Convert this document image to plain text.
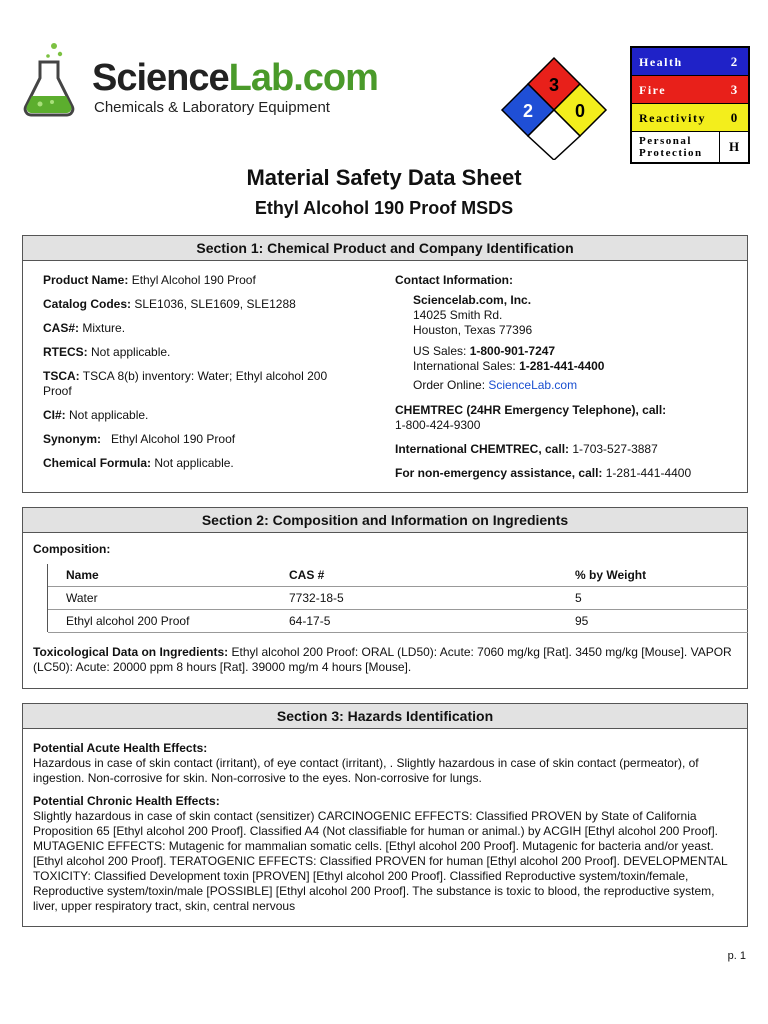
ScienceLab.com
Chemicals & Laboratory Equipment
3
2 0
Health	2
Fire	3
Reactivity	0
Personal Protection	H
Material Safety Data Sheet
Ethyl Alcohol 190 Proof MSDS
Section 1: Chemical Product and Company Identification
Product Name: Ethyl Alcohol 190 Proof
Catalog Codes: SLE1036, SLE1609, SLE1288
CAS#: Mixture.
RTECS: Not applicable.
TSCA: TSCA 8(b) inventory: Water; Ethyl alcohol 200 Proof
CI#: Not applicable.
Synonym:   Ethyl Alcohol 190 Proof
Chemical Formula: Not applicable.
Contact Information:
Sciencelab.com, Inc.
14025 Smith Rd.
Houston, Texas 77396
US Sales: 1-800-901-7247
International Sales: 1-281-441-4400
Order Online: ScienceLab.com
CHEMTREC (24HR Emergency Telephone), call:
1-800-424-9300
International CHEMTREC, call: 1-703-527-3887
For non-emergency assistance, call: 1-281-441-4400
Section 2: Composition and Information on Ingredients
Composition:
Name	CAS #	% by Weight
Water	7732-18-5	5
Ethyl alcohol 200 Proof	64-17-5	95
Toxicological Data on Ingredients: Ethyl alcohol 200 Proof: ORAL (LD50): Acute: 7060 mg/kg [Rat]. 3450 mg/kg [Mouse]. VAPOR (LC50): Acute: 20000 ppm 8 hours [Rat]. 39000 mg/m 4 hours [Mouse].
Section 3: Hazards Identification
Potential Acute Health Effects:
Hazardous in case of skin contact (irritant), of eye contact (irritant), . Slightly hazardous in case of skin contact (permeator), of ingestion. Non-corrosive for skin. Non-corrosive to the eyes. Non-corrosive for lungs.
Potential Chronic Health Effects:
Slightly hazardous in case of skin contact (sensitizer) CARCINOGENIC EFFECTS: Classified PROVEN by State of California Proposition 65 [Ethyl alcohol 200 Proof]. Classified A4 (Not classifiable for human or animal.) by ACGIH [Ethyl alcohol 200 Proof]. MUTAGENIC EFFECTS: Mutagenic for mammalian somatic cells. [Ethyl alcohol 200 Proof]. Mutagenic for bacteria and/or yeast. [Ethyl alcohol 200 Proof]. TERATOGENIC EFFECTS: Classified PROVEN for human [Ethyl alcohol 200 Proof]. DEVELOPMENTAL TOXICITY: Classified Development toxin [PROVEN] [Ethyl alcohol 200 Proof]. Classified Reproductive system/toxin/female, Reproductive system/toxin/male [POSSIBLE] [Ethyl alcohol 200 Proof]. The substance is toxic to blood, the reproductive system, liver, upper respiratory tract, skin, central nervous
p. 1
